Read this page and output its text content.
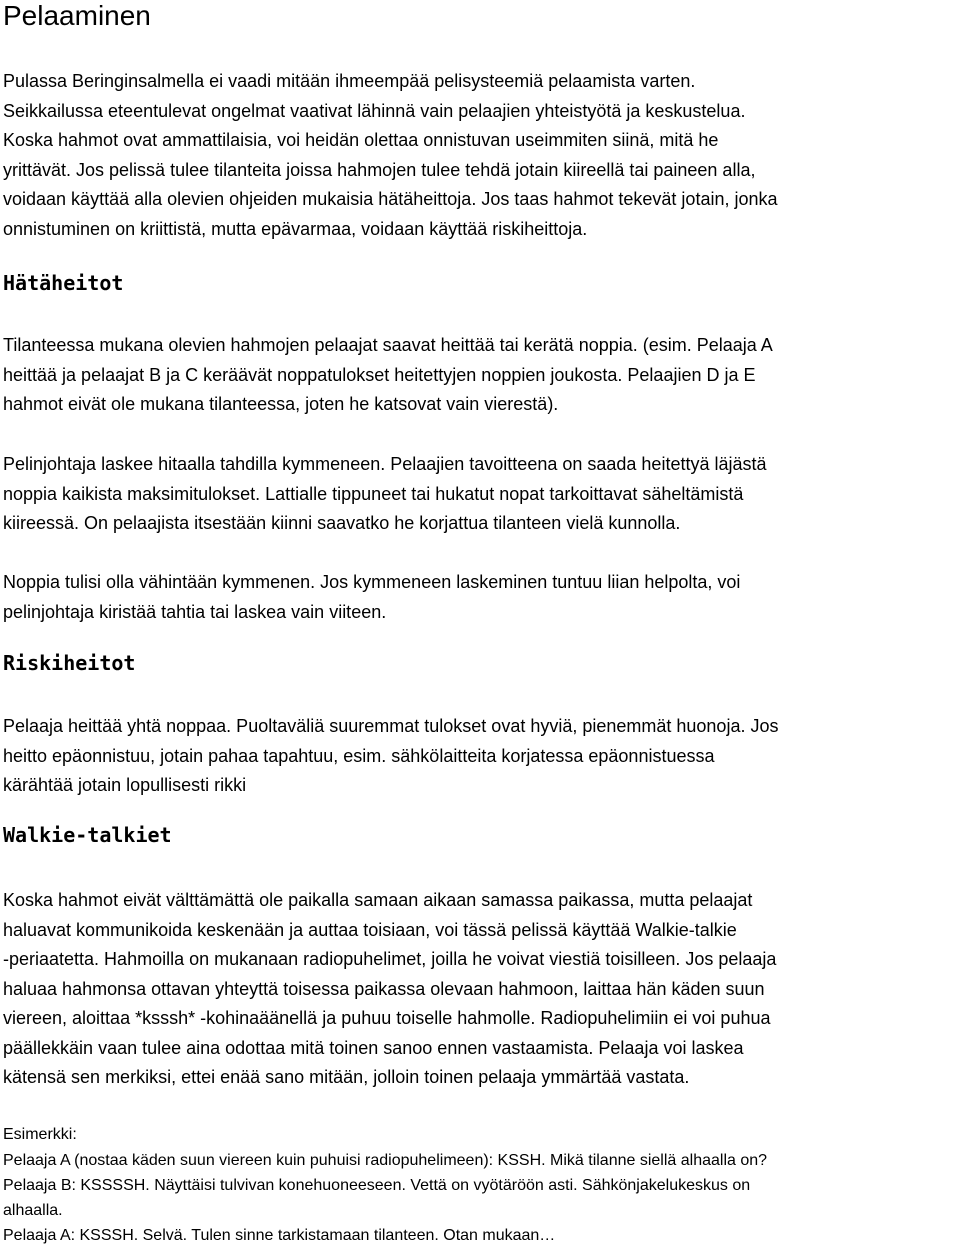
Pelaaminen
Pulassa Beringinsalmella ei vaadi mitään ihmeempää pelisysteemiä pelaamista varten.
Seikkailussa eteentulevat ongelmat vaativat lähinnä vain pelaajien yhteistyötä ja keskustelua.
Koska hahmot ovat ammattilaisia, voi heidän olettaa onnistuvan useimmiten siinä, mitä he
yrittävät. Jos pelissä tulee tilanteita joissa hahmojen tulee tehdä jotain kiireellä tai paineen alla,
voidaan käyttää alla olevien ohjeiden mukaisia hätäheittoja. Jos taas hahmot tekevät jotain, jonka
onnistuminen on kriittistä, mutta epävarmaa, voidaan käyttää riskiheittoja.
Hätäheitot
Tilanteessa mukana olevien hahmojen pelaajat saavat heittää tai kerätä noppia. (esim. Pelaaja A
heittää ja pelaajat B ja C keräävät noppatulokset heitettyjen noppien joukosta. Pelaajien D ja E
hahmot eivät ole mukana tilanteessa, joten he katsovat vain vierestä).
Pelinjohtaja laskee hitaalla tahdilla kymmeneen. Pelaajien tavoitteena on saada heitettyä läjästä
noppia kaikista maksimitulokset. Lattialle tippuneet tai hukatut nopat tarkoittavat säheltämistä
kiireessä. On pelaajista itsestään kiinni saavatko he korjattua tilanteen vielä kunnolla.
Noppia tulisi olla vähintään kymmenen. Jos kymmeneen laskeminen tuntuu liian helpolta, voi
pelinjohtaja kiristää tahtia tai laskea vain viiteen.
Riskiheitot
Pelaaja heittää yhtä noppaa. Puoltaväliä suuremmat tulokset ovat hyviä, pienemmät huonoja. Jos
heitto epäonnistuu, jotain pahaa tapahtuu, esim. sähkölaitteita korjatessa epäonnistuessa
kärähtää jotain lopullisesti rikki
Walkie-talkiet
Koska hahmot eivät välttämättä ole paikalla samaan aikaan samassa paikassa, mutta pelaajat
haluavat kommunikoida keskenään ja auttaa toisiaan, voi tässä pelissä käyttää Walkie-talkie
-periaatetta. Hahmoilla on mukanaan radiopuhelimet, joilla he voivat viestiä toisilleen. Jos pelaaja
haluaa hahmonsa ottavan yhteyttä toisessa paikassa olevaan hahmoon, laittaa hän käden suun
viereen, aloittaa *ksssh* -kohinaäänellä ja puhuu toiselle hahmolle. Radiopuhelimiin ei voi puhua
päällekkäin vaan tulee aina odottaa mitä toinen sanoo ennen vastaamista. Pelaaja voi laskea
kätensä sen merkiksi, ettei enää sano mitään, jolloin toinen pelaaja ymmärtää vastata.
Esimerkki:
Pelaaja A (nostaa käden suun viereen kuin puhuisi radiopuhelimeen): KSSH. Mikä tilanne siellä alhaalla on?
Pelaaja B: KSSSSH. Näyttäisi tulvivan konehuoneeseen. Vettä on vyötäröön asti. Sähkönjakelukeskus on
alhaalla.
Pelaaja A: KSSSH. Selvä. Tulen sinne tarkistamaan tilanteen. Otan mukaan…
